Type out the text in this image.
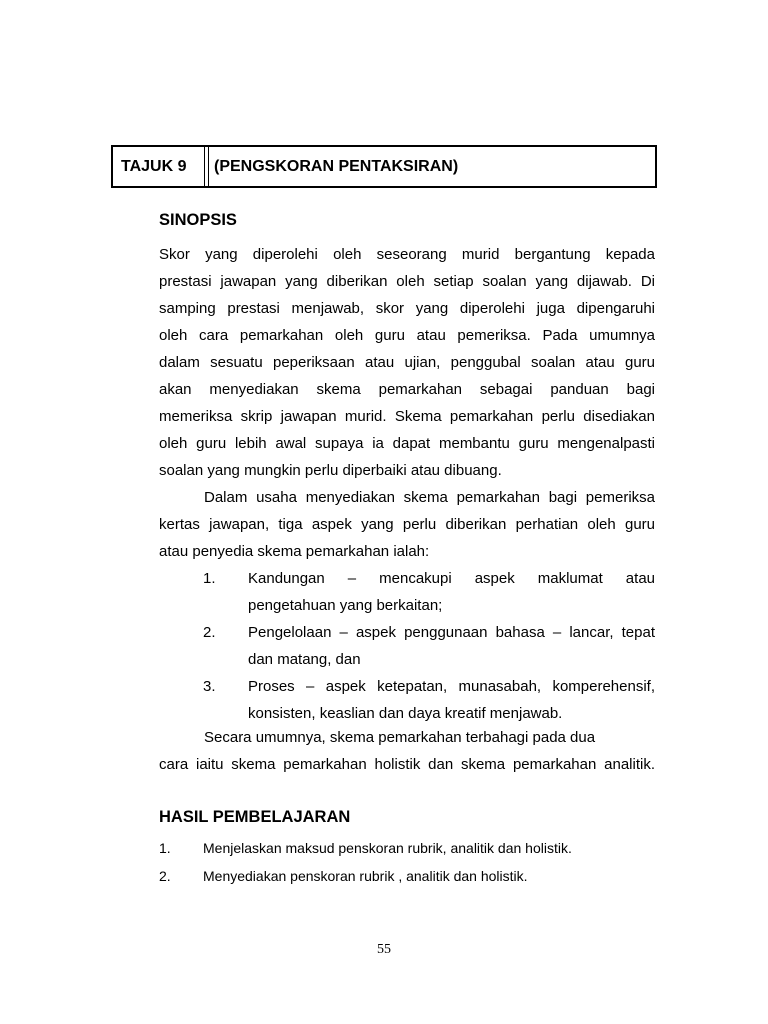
TAJUK 9	(PENGSKORAN PENTAKSIRAN)
SINOPSIS
Skor yang diperolehi oleh seseorang murid bergantung kepada
prestasi jawapan yang diberikan oleh setiap soalan yang dijawab. Di
samping prestasi menjawab, skor yang diperolehi juga dipengaruhi
oleh cara pemarkahan oleh guru atau pemeriksa. Pada umumnya
dalam sesuatu peperiksaan atau ujian, penggubal soalan atau guru
akan menyediakan skema pemarkahan sebagai panduan bagi
memeriksa skrip jawapan murid. Skema pemarkahan perlu disediakan
oleh guru lebih awal supaya ia dapat membantu guru mengenalpasti
soalan yang mungkin perlu diperbaiki atau dibuang.
Dalam usaha menyediakan skema pemarkahan bagi pemeriksa
kertas jawapan, tiga aspek yang perlu diberikan perhatian oleh guru
atau penyedia skema pemarkahan ialah:
1.	Kandungan – mencakupi aspek maklumat atau
pengetahuan yang berkaitan;
2.	Pengelolaan – aspek penggunaan bahasa – lancar, tepat
dan matang, dan
3.	Proses – aspek ketepatan, munasabah, komperehensif,
konsisten, keaslian dan daya kreatif menjawab.
Secara umumnya, skema pemarkahan terbahagi pada dua
cara iaitu skema pemarkahan holistik dan skema pemarkahan analitik.
HASIL PEMBELAJARAN
1.	Menjelaskan maksud penskoran rubrik, analitik dan holistik.
2.	Menyediakan penskoran rubrik , analitik dan holistik.
55
